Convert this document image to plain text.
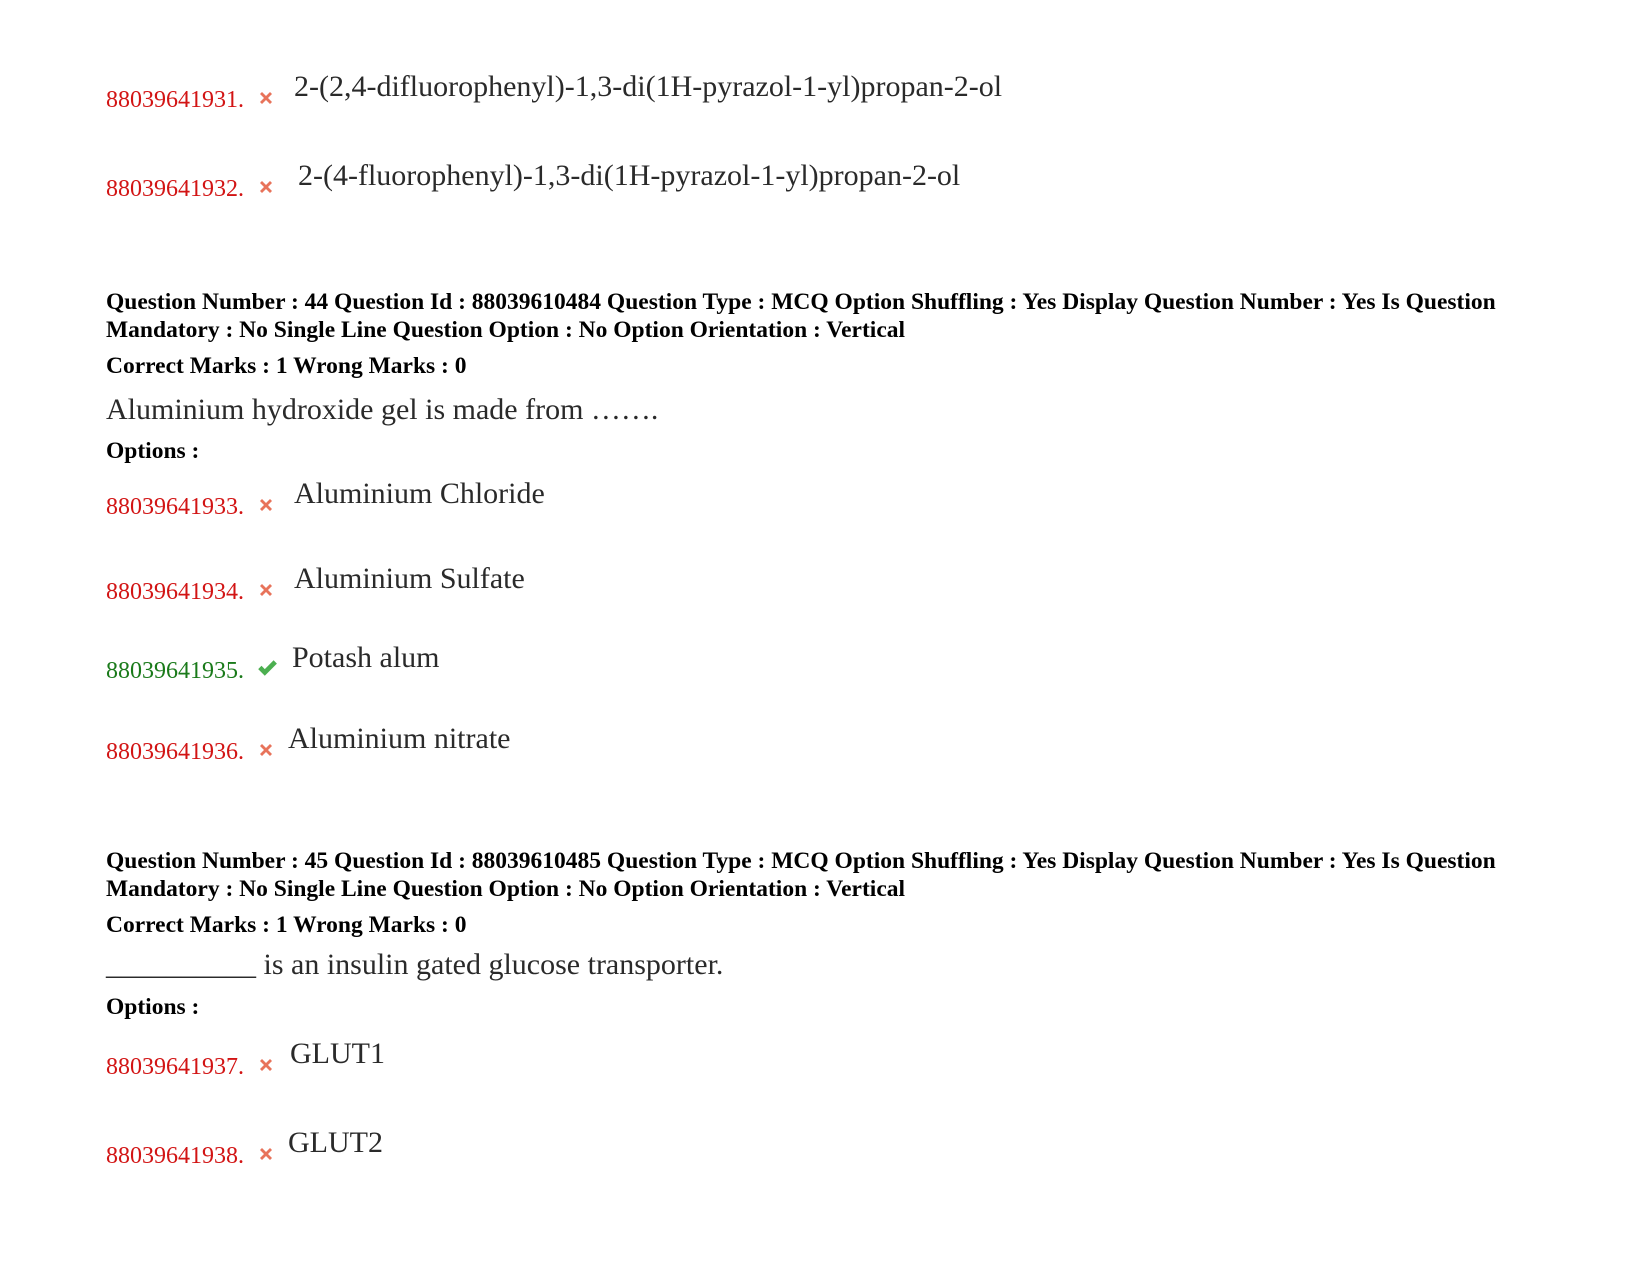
88039641931. 2-(2,4-difluorophenyl)-1,3-di(1H-pyrazol-1-yl)propan-2-ol
88039641932. 2-(4-fluorophenyl)-1,3-di(1H-pyrazol-1-yl)propan-2-ol
Question Number : 44 Question Id : 88039610484 Question Type : MCQ Option Shuffling : Yes Display Question Number : Yes Is Question Mandatory : No Single Line Question Option : No Option Orientation : Vertical
Correct Marks : 1 Wrong Marks : 0
Aluminium hydroxide gel is made from …….
Options :
88039641933. Aluminium Chloride
88039641934. Aluminium Sulfate
88039641935. Potash alum
88039641936. Aluminium nitrate
Question Number : 45 Question Id : 88039610485 Question Type : MCQ Option Shuffling : Yes Display Question Number : Yes Is Question Mandatory : No Single Line Question Option : No Option Orientation : Vertical
Correct Marks : 1 Wrong Marks : 0
__________ is an insulin gated glucose transporter.
Options :
88039641937. GLUT1
88039641938. GLUT2
